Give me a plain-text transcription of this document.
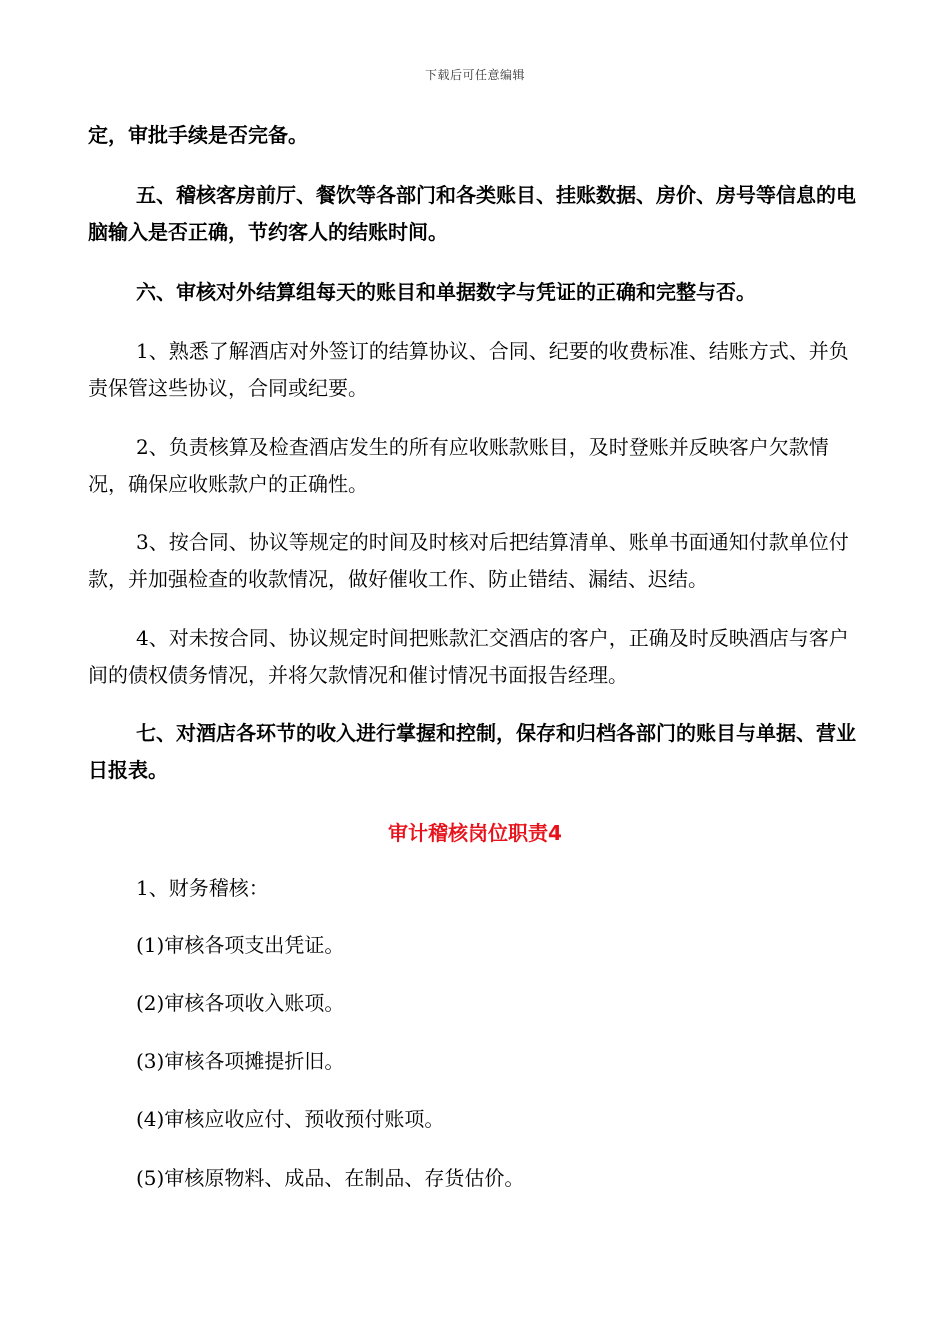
下载后可任意编辑

定，审批手续是否完备。

五、稽核客房前厅、餐饮等各部门和各类账目、挂账数据、房价、房号等信息的电脑输入是否正确，节约客人的结账时间。

六、审核对外结算组每天的账目和单据数字与凭证的正确和完整与否。

1、熟悉了解酒店对外签订的结算协议、合同、纪要的收费标准、结账方式、并负责保管这些协议，合同或纪要。

2、负责核算及检查酒店发生的所有应收账款账目，及时登账并反映客户欠款情况，确保应收账款户的正确性。

3、按合同、协议等规定的时间及时核对后把结算清单、账单书面通知付款单位付款，并加强检查的收款情况，做好催收工作、防止错结、漏结、迟结。

4、对未按合同、协议规定时间把账款汇交酒店的客户，正确及时反映酒店与客户间的债权债务情况，并将欠款情况和催讨情况书面报告经理。

七、对酒店各环节的收入进行掌握和控制，保存和归档各部门的账目与单据、营业日报表。

审计稽核岗位职责4
1、财务稽核：
(1)审核各项支出凭证。
(2)审核各项收入账项。
(3)审核各项摊提折旧。
(4)审核应收应付、预收预付账项。
(5)审核原物料、成品、在制品、存货估价。
